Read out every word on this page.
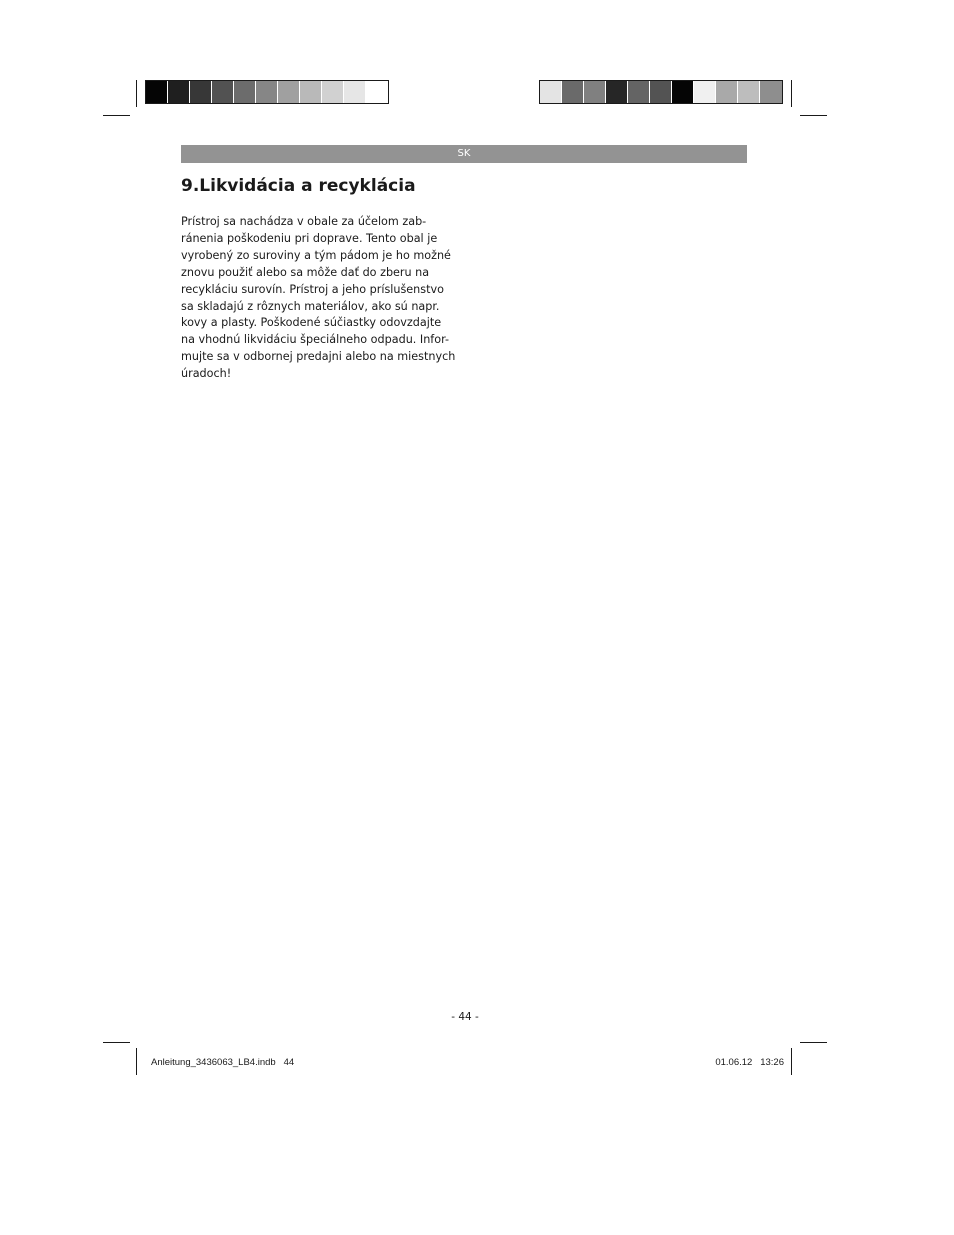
SK
9.Likvidácia a recyklácia

Prístroj sa nachádza v obale za účelom zab-
ránenia poškodeniu pri doprave. Tento obal je
vyrobený zo suroviny a tým pádom je ho možné
znovu použiť alebo sa môže dať do zberu na
recykláciu surovín. Prístroj a jeho príslušenstvo
sa skladajú z rôznych materiálov, ako sú napr.
kovy a plasty. Poškodené súčiastky odovzdajte
na vhodnú likvidáciu špeciálneho odpadu. Infor-
mujte sa v odbornej predajni alebo na miestnych
úradoch!

- 44 -
Anleitung_3436063_LB4.indb   44	01.06.12   13:26
